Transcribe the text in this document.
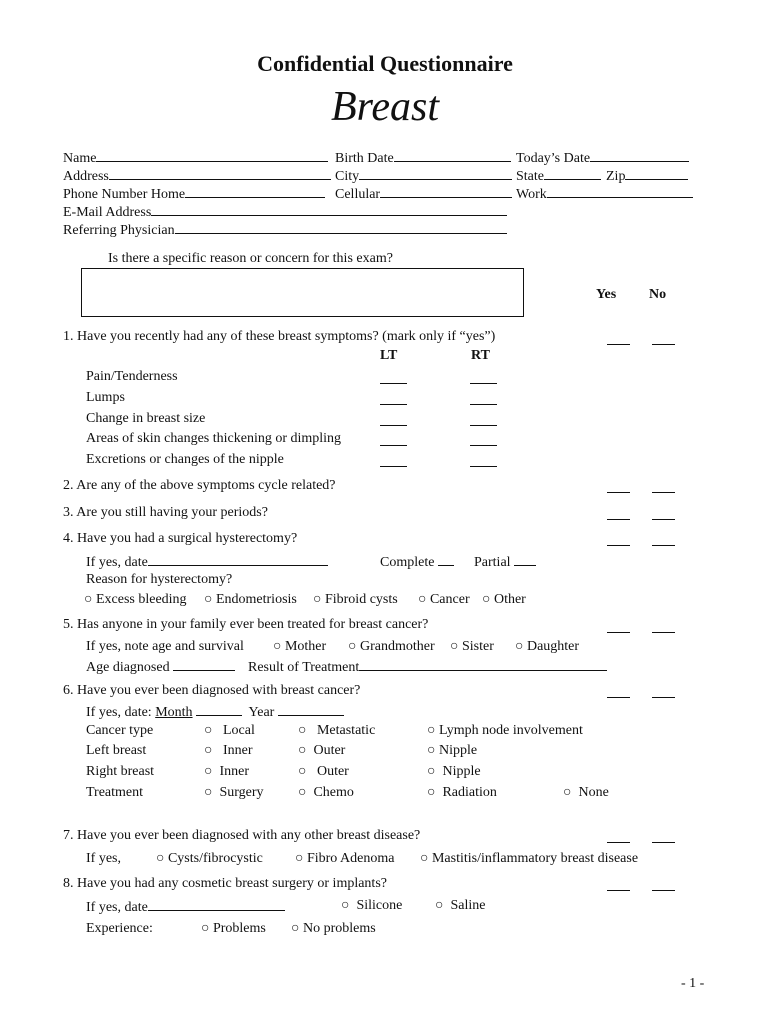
Confidential Questionnaire
Breast
Name	Birth Date	Today’s Date
Address	City	State	Zip
Phone Number Home	Cellular	Work
E-Mail Address
Referring Physician
Is there a specific reason or concern for this exam?
Yes No
1. Have you recently had any of these breast symptoms? (mark only if “yes”)
LT	RT
Pain/Tenderness
Lumps
Change in breast size
Areas of skin changes thickening or dimpling
Excretions or changes of the nipple
2. Are any of the above symptoms cycle related?
3. Are you still having your periods?
4. Have you had a surgical hysterectomy?
If yes, date	Complete	Partial
Reason for hysterectomy?
○ Excess bleeding ○ Endometriosis ○ Fibroid cysts ○ Cancer ○ Other
5. Has anyone in your family ever been treated for breast cancer?
If yes, note age and survival ○ Mother ○ Grandmother ○ Sister ○ Daughter
Age diagnosed	Result of Treatment
6. Have you ever been diagnosed with breast cancer?
If yes, date: Month	Year
Cancer type	○ Local	○ Metastatic	○ Lymph node involvement
Left breast	○ Inner	○ Outer	○ Nipple
Right breast	○ Inner	○ Outer	○ Nipple
Treatment	○ Surgery ○ Chemo	○ Radiation	○ None
7. Have you ever been diagnosed with any other breast disease?
If yes,	○ Cysts/fibrocystic ○ Fibro Adenoma ○ Mastitis/inflammatory breast disease
8. Have you had any cosmetic breast surgery or implants?
If yes, date	○ Silicone ○ Saline
Experience:	○ Problems ○ No problems
- 1 -
